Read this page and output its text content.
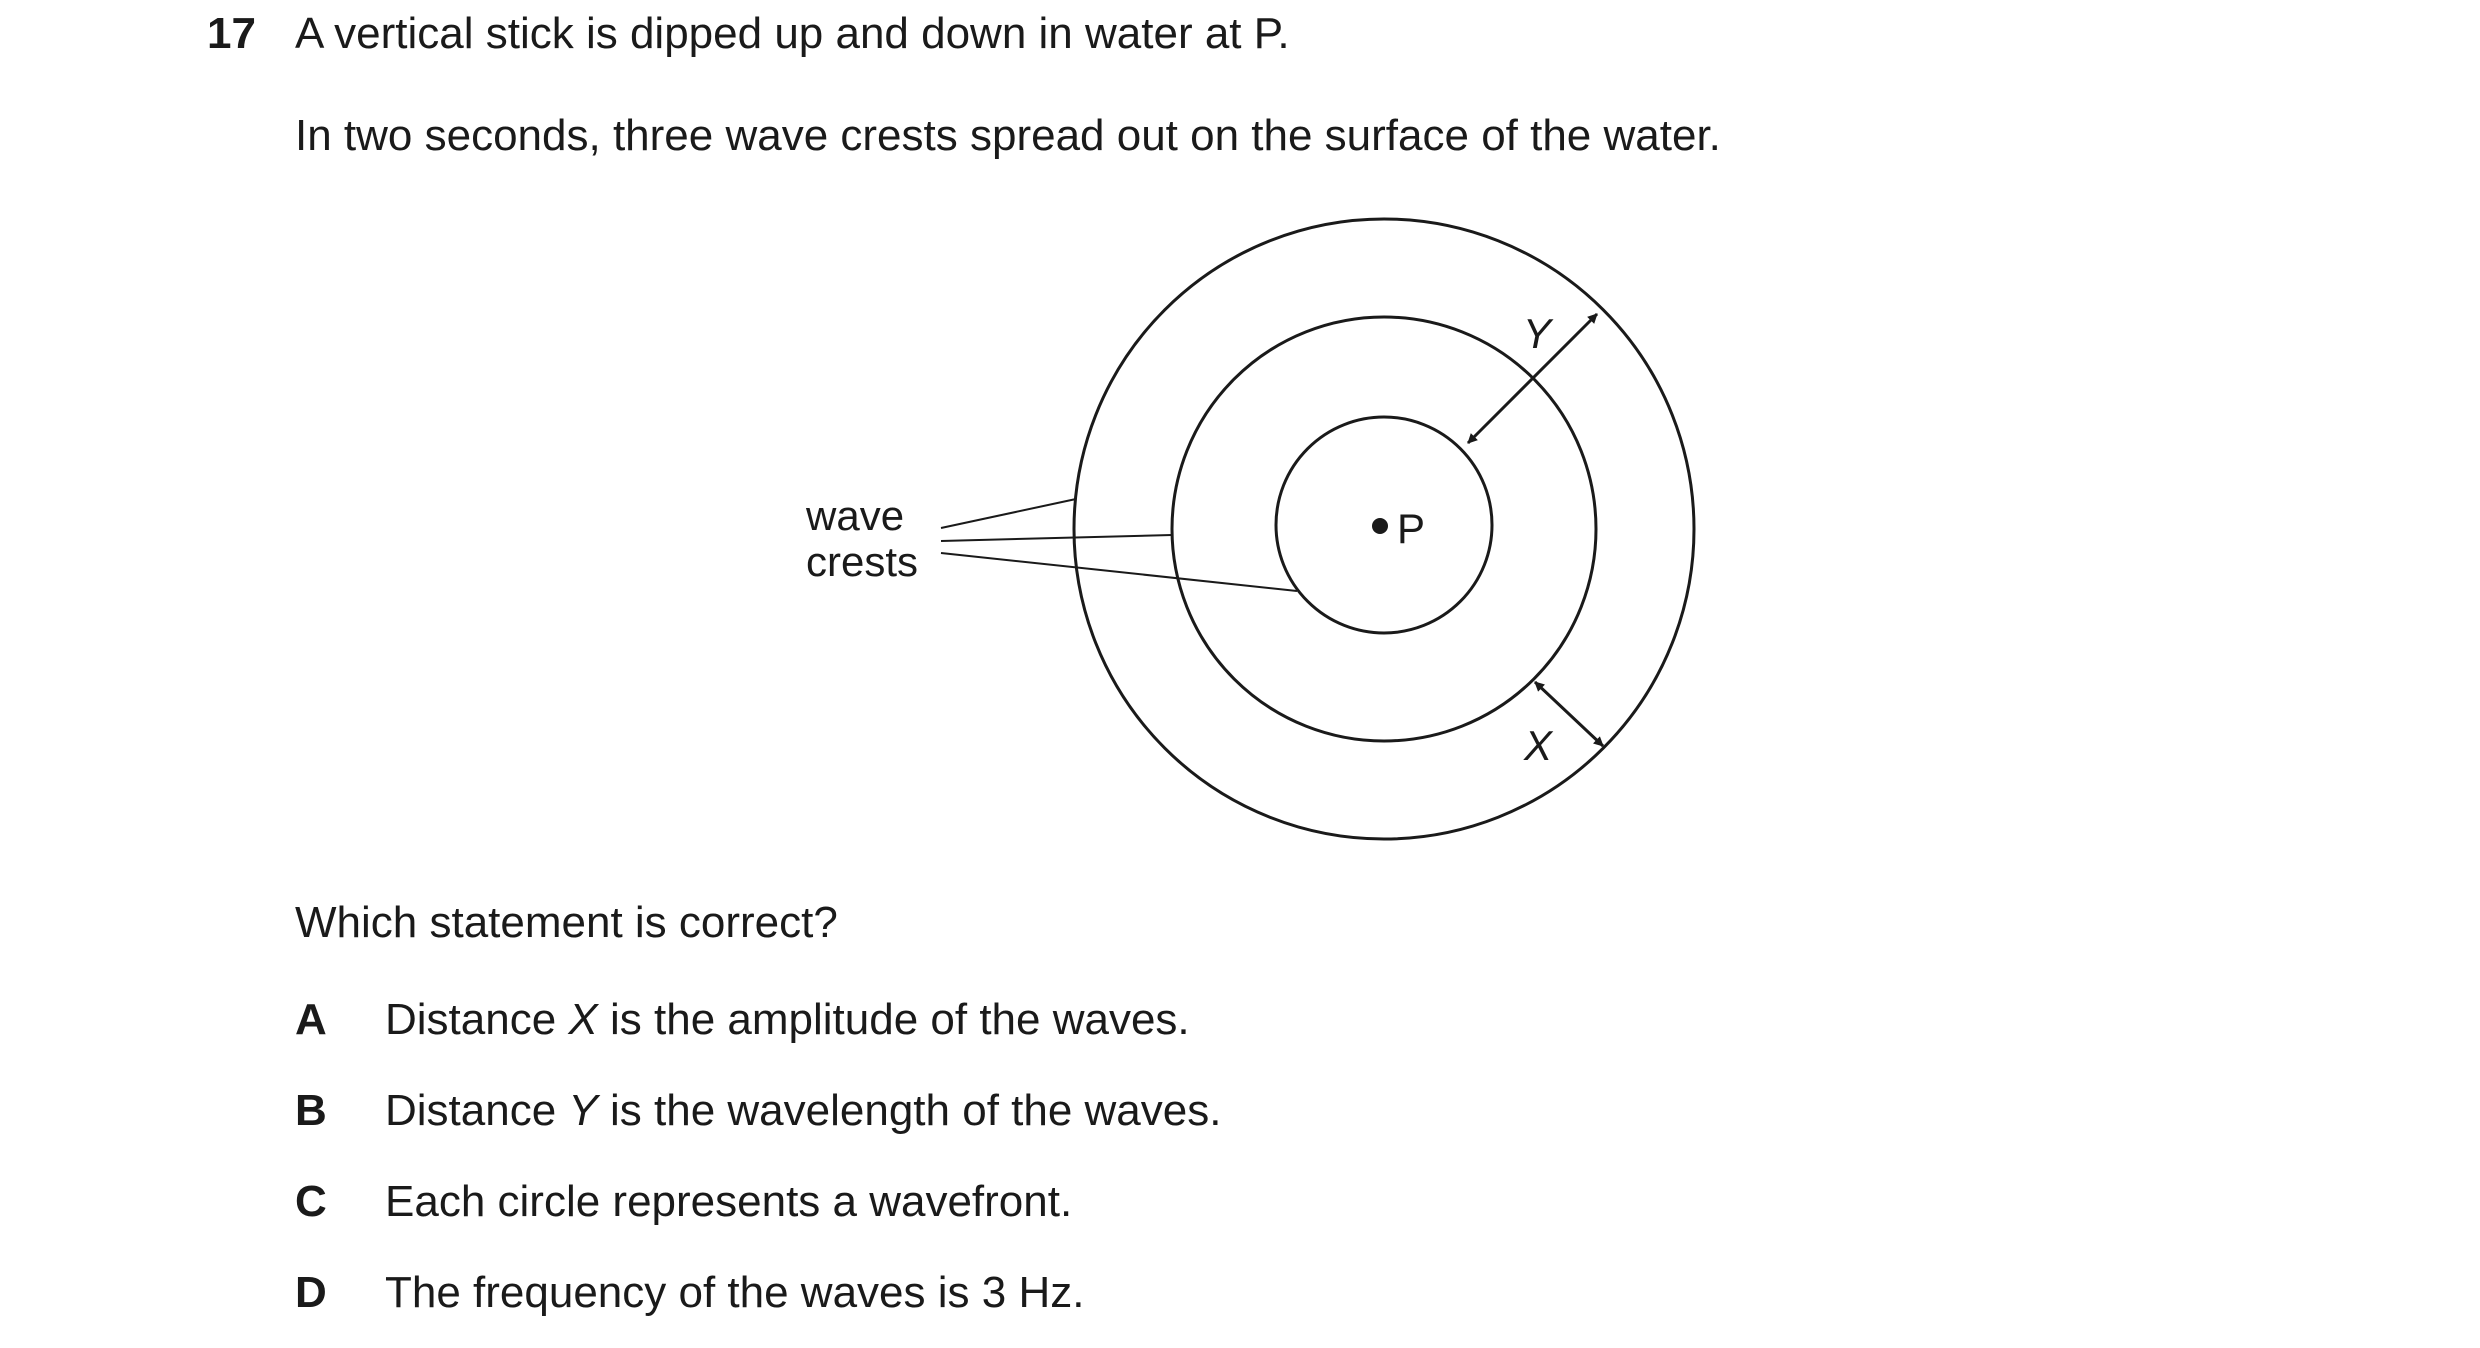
17 A vertical stick is dipped up and down in water at P.
In two seconds, three wave crests spread out on the surface of the water.
P
wave
crests
Y
X
Which statement is correct?
A Distance X is the amplitude of the waves.
B Distance Y is the wavelength of the waves.
C Each circle represents a wavefront.
D The frequency of the waves is 3 Hz.
